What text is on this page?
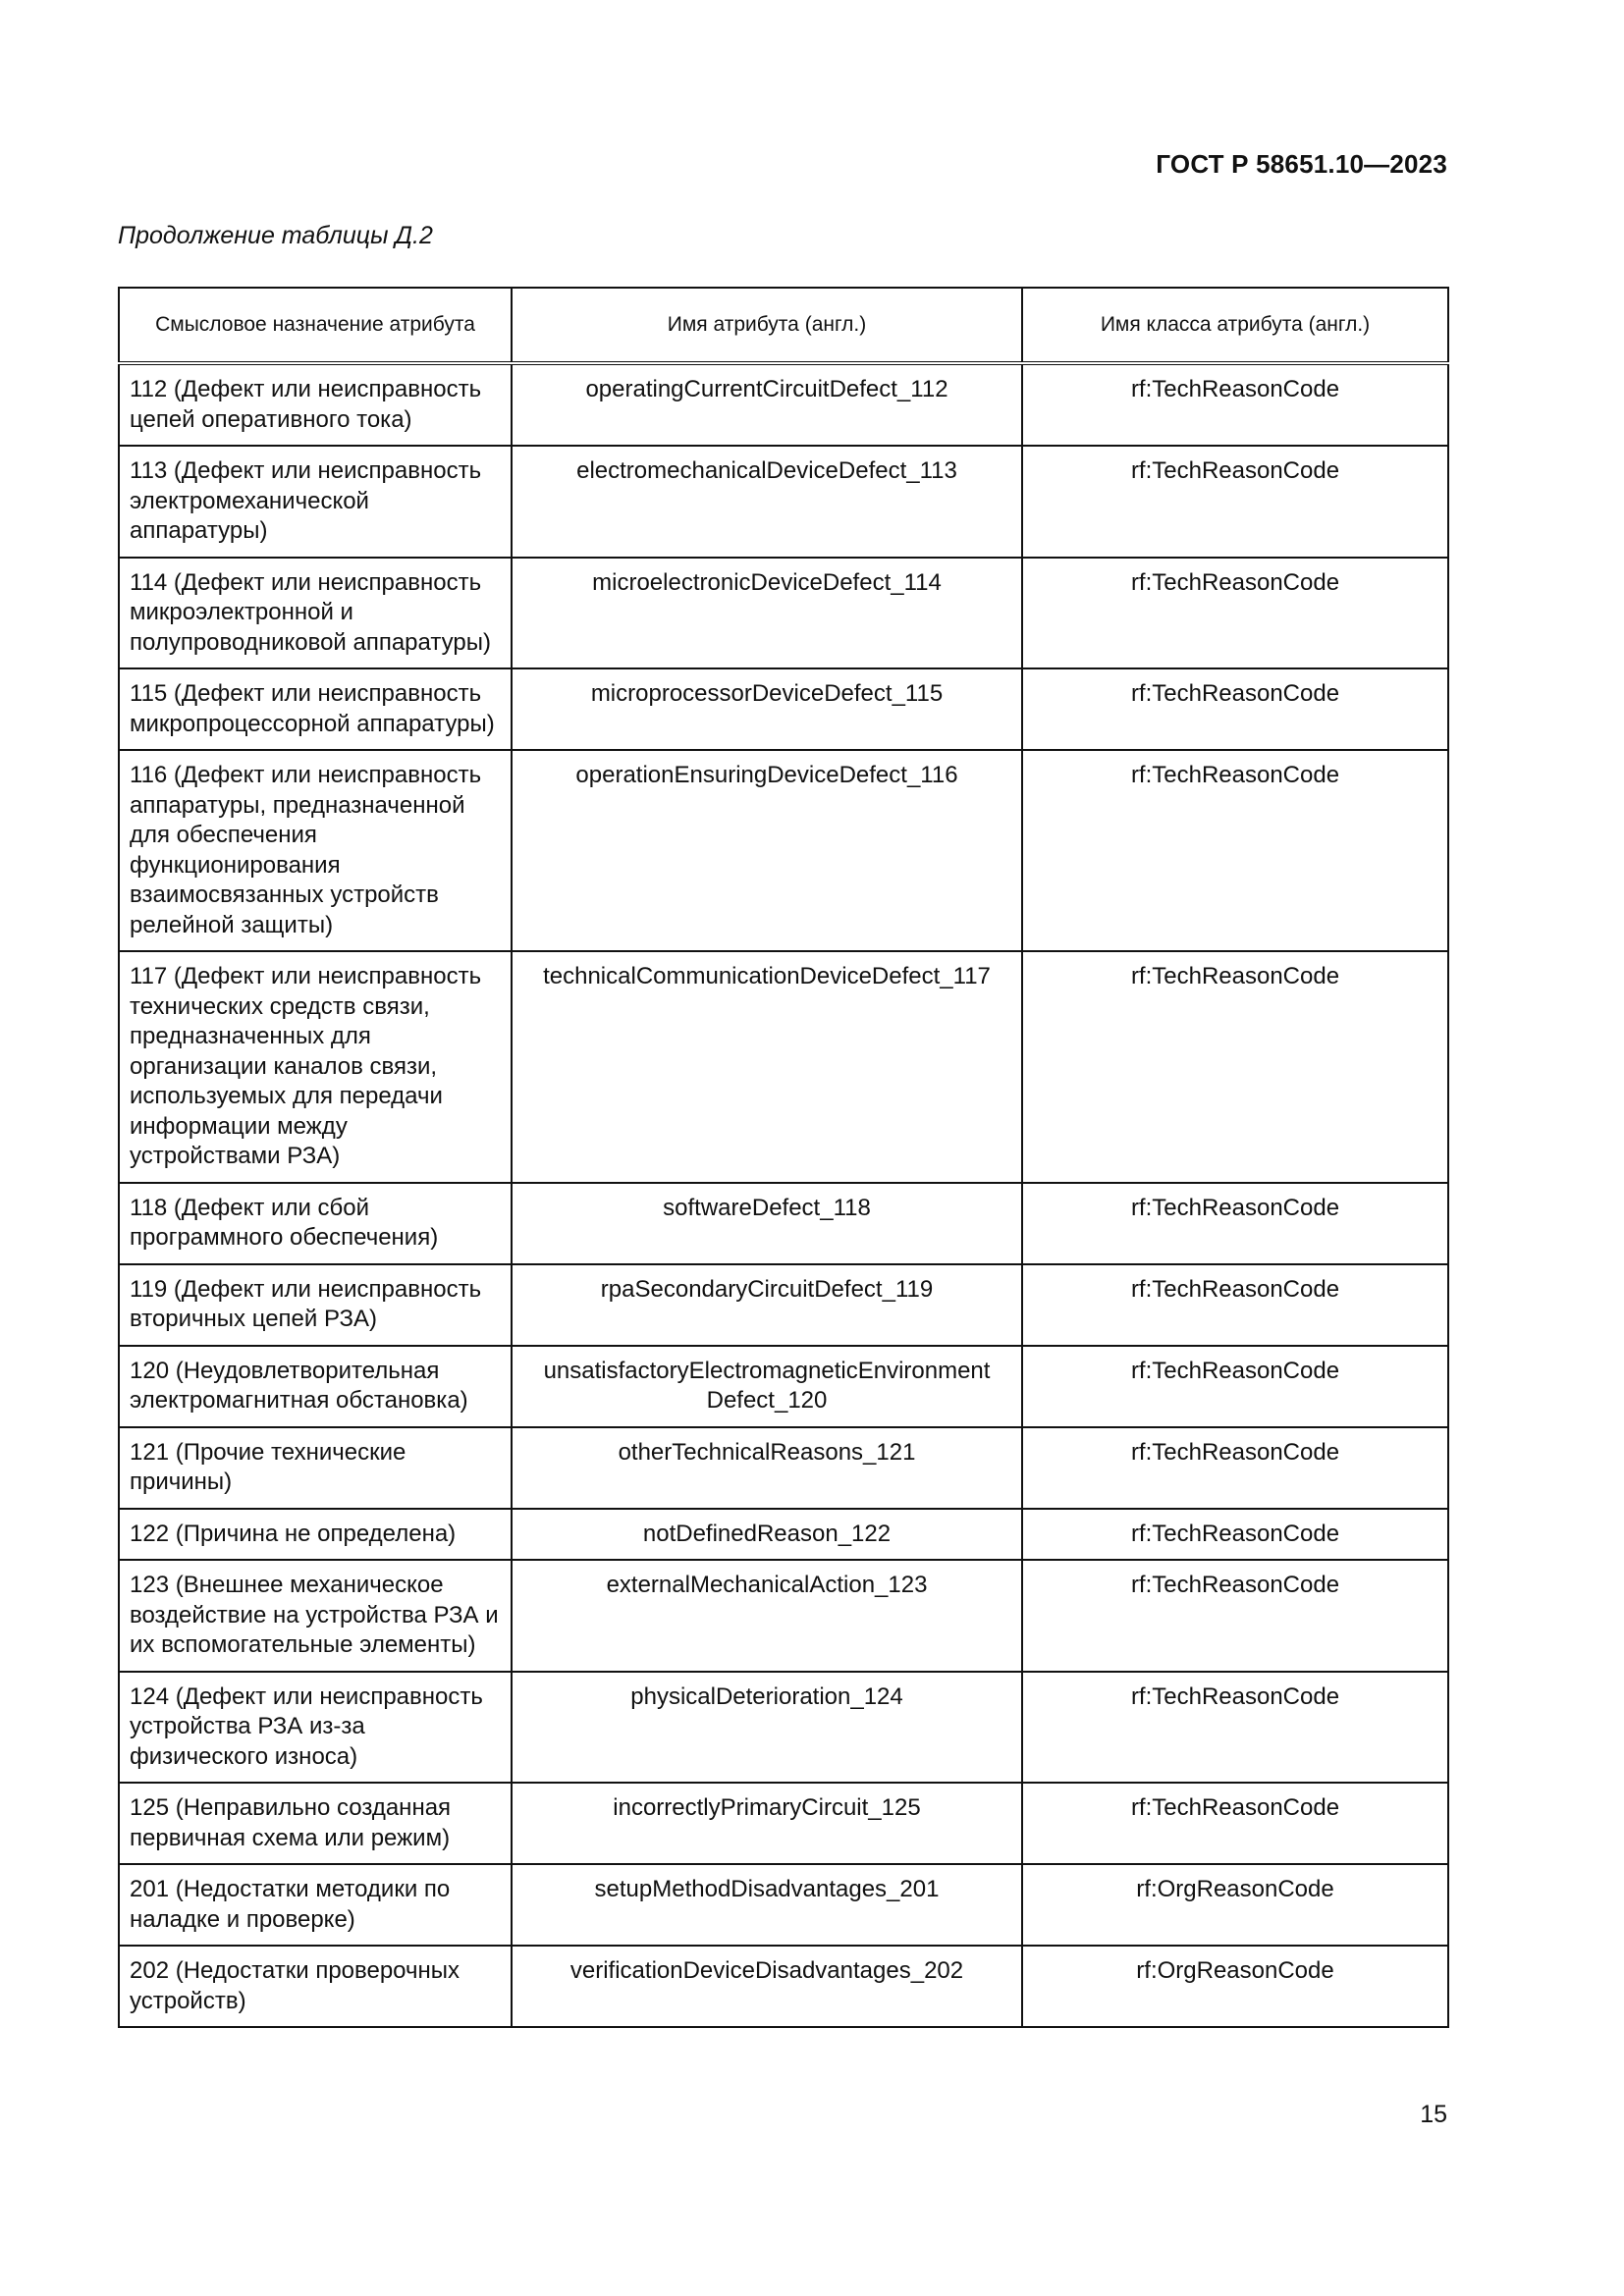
ГОСТ Р 58651.10—2023
Продолжение таблицы Д.2
Смысловое назначение атрибута	Имя атрибута (англ.)	Имя класса атрибута (англ.)
112 (Дефект или неисправность цепей оперативного тока)	operatingCurrentCircuitDefect_112	rf:TechReasonCode
113 (Дефект или неисправность электромеханической аппаратуры)	electromechanicalDeviceDefect_113	rf:TechReasonCode
114 (Дефект или неисправность микроэлектронной и полупроводниковой аппаратуры)	microelectronicDeviceDefect_114	rf:TechReasonCode
115 (Дефект или неисправность микропроцессорной аппаратуры)	microprocessorDeviceDefect_115	rf:TechReasonCode
116 (Дефект или неисправность аппаратуры, предназначенной для обеспечения функционирования взаимосвязанных устройств релейной защиты)	operationEnsuringDeviceDefect_116	rf:TechReasonCode
117 (Дефект или неисправность технических средств связи, предназначенных для организации каналов связи, используемых для передачи информации между устройствами РЗА)	technicalCommunicationDeviceDefect_117	rf:TechReasonCode
118 (Дефект или сбой программного обеспечения)	softwareDefect_118	rf:TechReasonCode
119 (Дефект или неисправность вторичных цепей РЗА)	rpaSecondaryCircuitDefect_119	rf:TechReasonCode
120 (Неудовлетворительная электромагнитная обстановка)	unsatisfactoryElectromagneticEnvironment Defect_120	rf:TechReasonCode
121 (Прочие технические причины)	otherTechnicalReasons_121	rf:TechReasonCode
122 (Причина не определена)	notDefinedReason_122	rf:TechReasonCode
123 (Внешнее механическое воздействие на устройства РЗА и их вспомогательные элементы)	externalMechanicalAction_123	rf:TechReasonCode
124 (Дефект или неисправность устройства РЗА из-за физического износа)	physicalDeterioration_124	rf:TechReasonCode
125 (Неправильно созданная первичная схема или режим)	incorrectlyPrimaryCircuit_125	rf:TechReasonCode
201 (Недостатки методики по наладке и проверке)	setupMethodDisadvantages_201	rf:OrgReasonCode
202 (Недостатки проверочных устройств)	verificationDeviceDisadvantages_202	rf:OrgReasonCode
15
